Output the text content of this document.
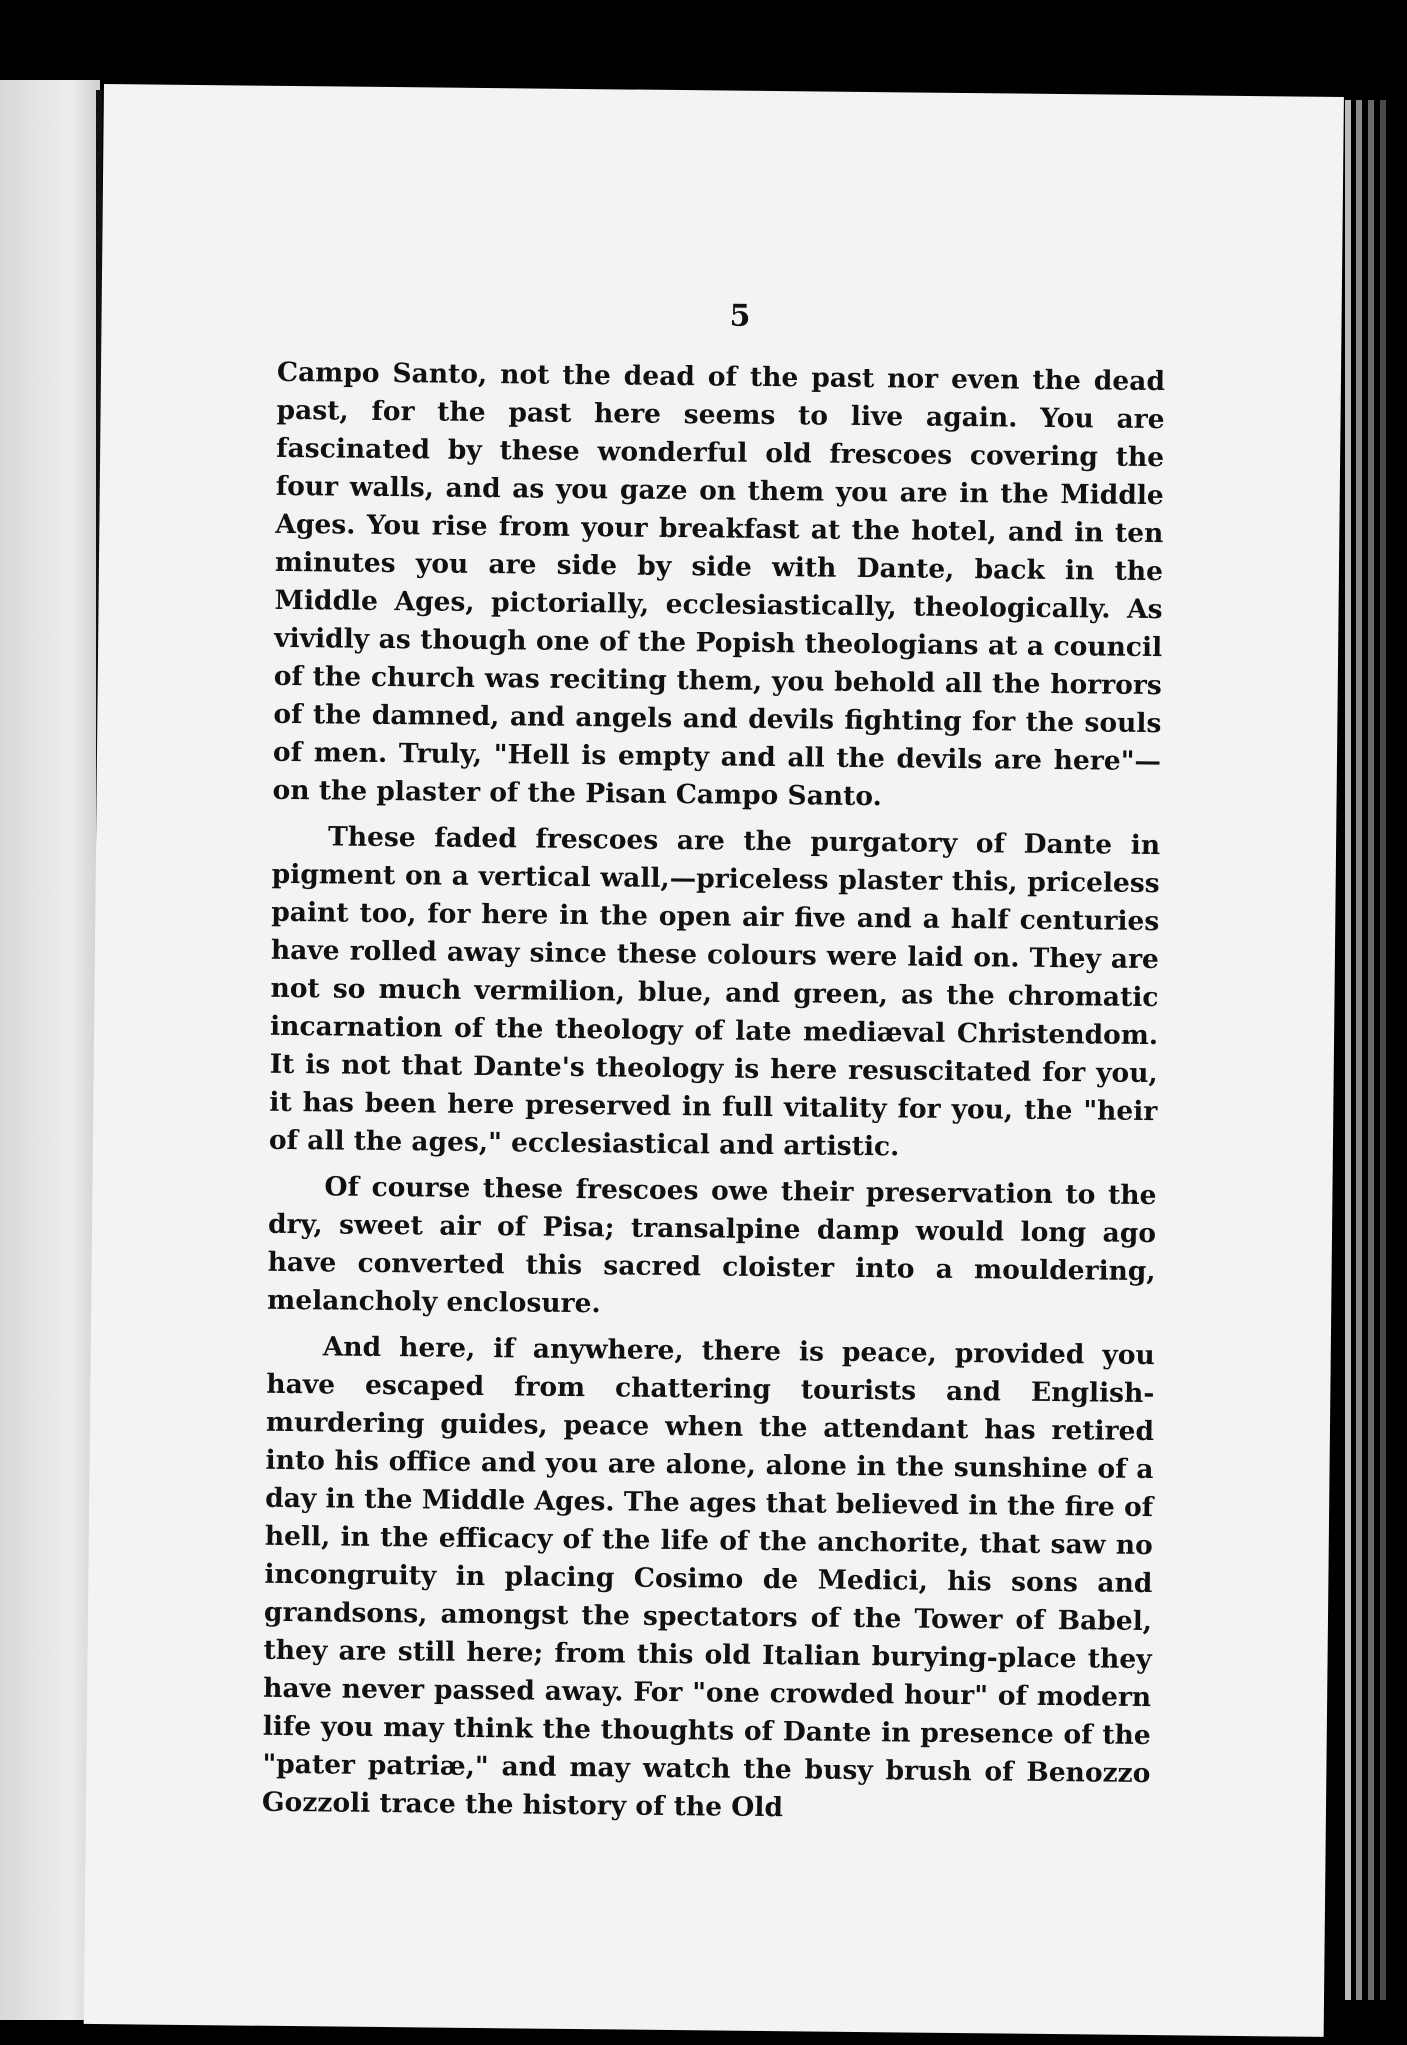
5

Campo Santo, not the dead of the past nor even the dead past, for the past here seems to live again. You are fascinated by these wonderful old frescoes covering the four walls, and as you gaze on them you are in the Middle Ages. You rise from your breakfast at the hotel, and in ten minutes you are side by side with Dante, back in the Middle Ages, pictorially, ecclesiastically, theologically. As vividly as though one of the Popish theologians at a council of the church was reciting them, you behold all the horrors of the damned, and angels and devils fighting for the souls of men. Truly, "Hell is empty and all the devils are here"—on the plaster of the Pisan Campo Santo.

These faded frescoes are the purgatory of Dante in pigment on a vertical wall,—priceless plaster this, priceless paint too, for here in the open air five and a half centuries have rolled away since these colours were laid on. They are not so much vermilion, blue, and green, as the chromatic incarnation of the theology of late mediæval Christendom. It is not that Dante's theology is here resuscitated for you, it has been here preserved in full vitality for you, the "heir of all the ages," ecclesiastical and artistic.

Of course these frescoes owe their preservation to the dry, sweet air of Pisa; transalpine damp would long ago have converted this sacred cloister into a mouldering, melancholy enclosure.

And here, if anywhere, there is peace, provided you have escaped from chattering tourists and English-murdering guides, peace when the attendant has retired into his office and you are alone, alone in the sunshine of a day in the Middle Ages. The ages that believed in the fire of hell, in the efficacy of the life of the anchorite, that saw no incongruity in placing Cosimo de Medici, his sons and grandsons, amongst the spectators of the Tower of Babel, they are still here; from this old Italian burying-place they have never passed away. For "one crowded hour" of modern life you may think the thoughts of Dante in presence of the "pater patriæ," and may watch the busy brush of Benozzo Gozzoli trace the history of the Old
